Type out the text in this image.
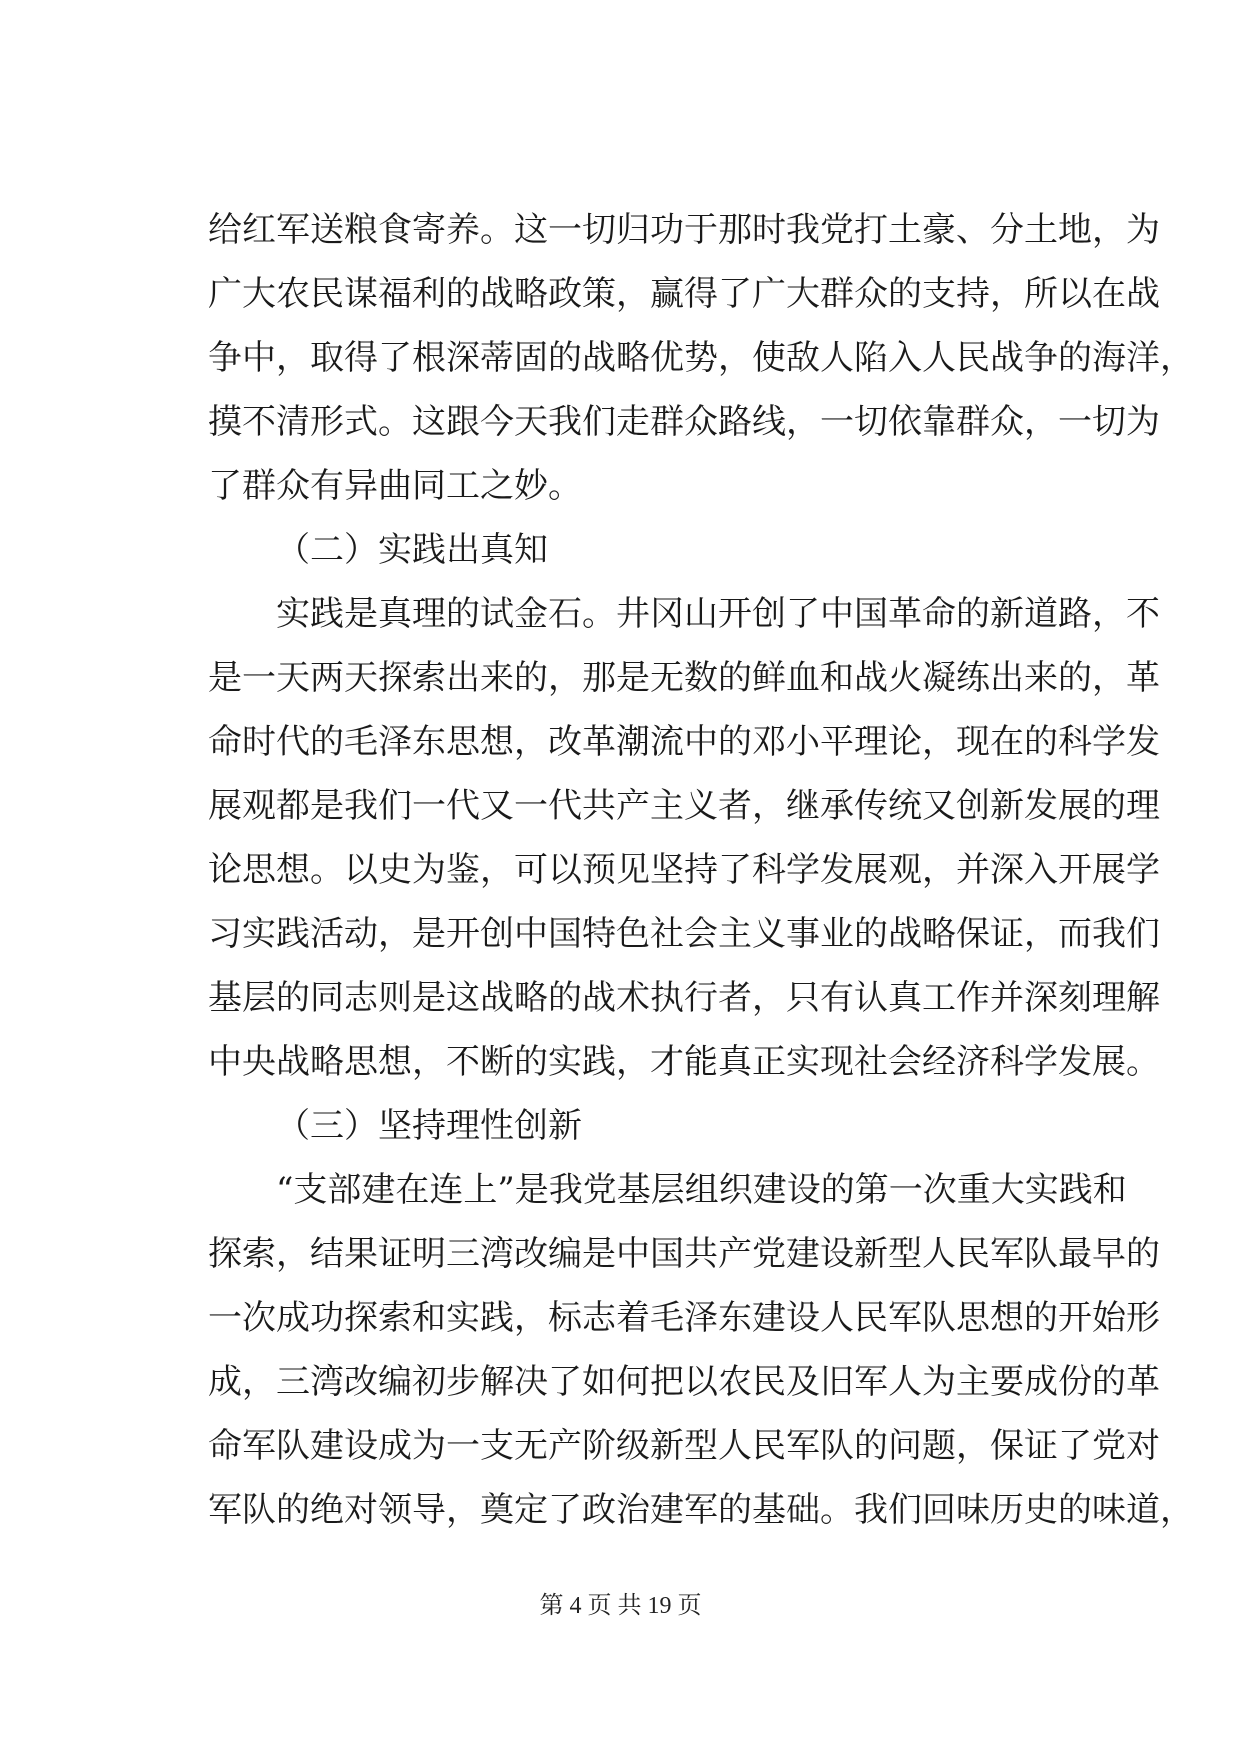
给红军送粮食寄养。这一切归功于那时我党打土豪、分土地，为
广大农民谋福利的战略政策，赢得了广大群众的支持，所以在战
争中，取得了根深蒂固的战略优势，使敌人陷入人民战争的海洋，
摸不清形式。这跟今天我们走群众路线，一切依靠群众，一切为
了群众有异曲同工之妙。
（二）实践出真知
实践是真理的试金石。井冈山开创了中国革命的新道路，不
是一天两天探索出来的，那是无数的鲜血和战火凝练出来的，革
命时代的毛泽东思想，改革潮流中的邓小平理论，现在的科学发
展观都是我们一代又一代共产主义者，继承传统又创新发展的理
论思想。以史为鉴，可以预见坚持了科学发展观，并深入开展学
习实践活动，是开创中国特色社会主义事业的战略保证，而我们
基层的同志则是这战略的战术执行者，只有认真工作并深刻理解
中央战略思想，不断的实践，才能真正实现社会经济科学发展。
（三）坚持理性创新
“支部建在连上”是我党基层组织建设的第一次重大实践和
探索，结果证明三湾改编是中国共产党建设新型人民军队最早的
一次成功探索和实践，标志着毛泽东建设人民军队思想的开始形
成，三湾改编初步解决了如何把以农民及旧军人为主要成份的革
命军队建设成为一支无产阶级新型人民军队的问题，保证了党对
军队的绝对领导，奠定了政治建军的基础。我们回味历史的味道，
第 4 页 共 19 页
